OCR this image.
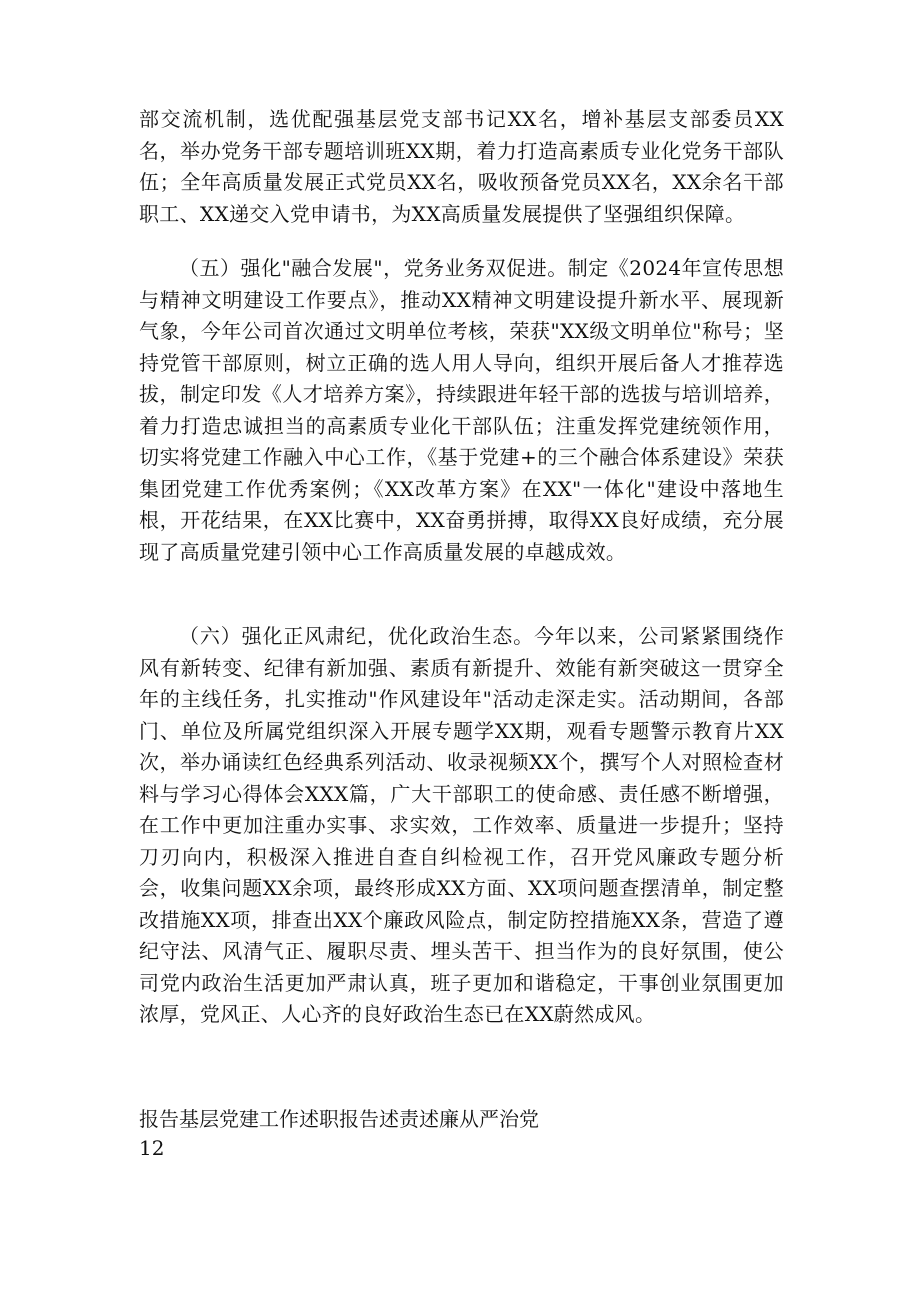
部交流机制，选优配强基层党支部书记XX名，增补基层支部委员XX名，举办党务干部专题培训班XX期，着力打造高素质专业化党务干部队伍；全年高质量发展正式党员XX名，吸收预备党员XX名，XX余名干部职工、XX递交入党申请书，为XX高质量发展提供了坚强组织保障。

（五）强化"融合发展"，党务业务双促进。制定《2024年宣传思想与精神文明建设工作要点》，推动XX精神文明建设提升新水平、展现新气象，今年公司首次通过文明单位考核，荣获"XX级文明单位"称号；坚持党管干部原则，树立正确的选人用人导向，组织开展后备人才推荐选拔，制定印发《人才培养方案》，持续跟进年轻干部的选拔与培训培养，着力打造忠诚担当的高素质专业化干部队伍；注重发挥党建统领作用，切实将党建工作融入中心工作，《基于党建+的三个融合体系建设》荣获集团党建工作优秀案例；《XX改革方案》在XX"一体化"建设中落地生根，开花结果，在XX比赛中，XX奋勇拼搏，取得XX良好成绩，充分展现了高质量党建引领中心工作高质量发展的卓越成效。

（六）强化正风肃纪，优化政治生态。今年以来，公司紧紧围绕作风有新转变、纪律有新加强、素质有新提升、效能有新突破这一贯穿全年的主线任务，扎实推动"作风建设年"活动走深走实。活动期间，各部门、单位及所属党组织深入开展专题学XX期，观看专题警示教育片XX次，举办诵读红色经典系列活动、收录视频XX个，撰写个人对照检查材料与学习心得体会XXX篇，广大干部职工的使命感、责任感不断增强，在工作中更加注重办实事、求实效，工作效率、质量进一步提升；坚持刀刃向内，积极深入推进自查自纠检视工作，召开党风廉政专题分析会，收集问题XX余项，最终形成XX方面、XX项问题查摆清单，制定整改措施XX项，排查出XX个廉政风险点，制定防控措施XX条，营造了遵纪守法、风清气正、履职尽责、埋头苦干、担当作为的良好氛围，使公司党内政治生活更加严肃认真，班子更加和谐稳定，干事创业氛围更加浓厚，党风正、人心齐的良好政治生态已在XX蔚然成风。

报告基层党建工作述职报告述责述廉从严治党

12
